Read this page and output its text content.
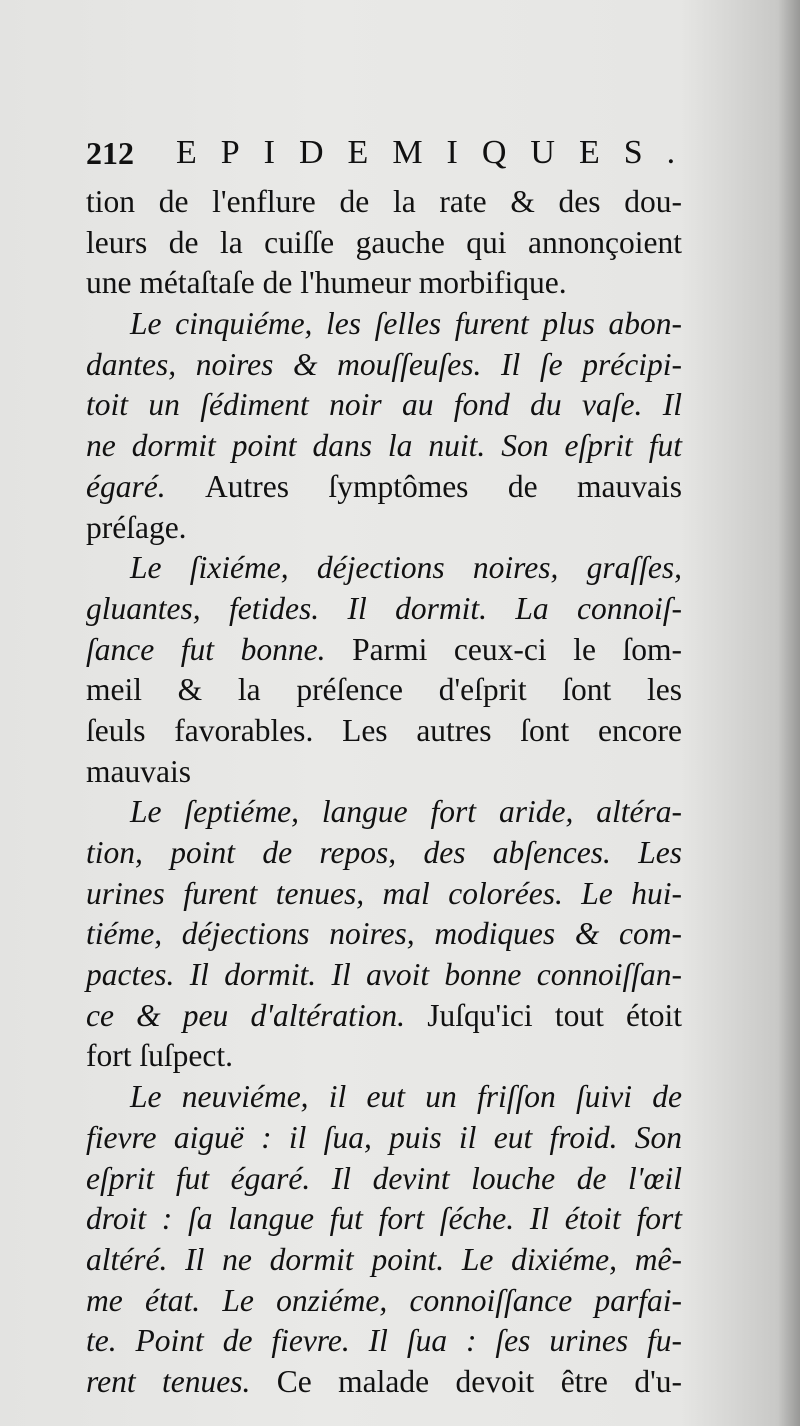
212 EPIDEMIQUES.
tion de l'enflure de la rate & des dou-
leurs de la cuiſſe gauche qui annonçoient
une métaſtaſe de l'humeur morbifique.
Le cinquiéme, les ſelles furent plus abon-
dantes, noires & mouſſeuſes. Il ſe précipi-
toit un ſédiment noir au fond du vaſe. Il
ne dormit point dans la nuit. Son eſprit fut
égaré. Autres ſymptômes de mauvais
préſage.
Le ſixiéme, déjections noires, graſſes,
gluantes, fetides. Il dormit. La connoiſ-
ſance fut bonne. Parmi ceux-ci le ſom-
meil & la préſence d'eſprit ſont les
ſeuls favorables. Les autres ſont encore
mauvais
Le ſeptiéme, langue fort aride, altéra-
tion, point de repos, des abſences. Les
urines furent tenues, mal colorées. Le hui-
tiéme, déjections noires, modiques & com-
pactes. Il dormit. Il avoit bonne connoiſſan-
ce & peu d'altération. Juſqu'ici tout étoit
fort ſuſpect.
Le neuviéme, il eut un friſſon ſuivi de
fievre aiguë : il ſua, puis il eut froid. Son
eſprit fut égaré. Il devint louche de l'œil
droit : ſa langue fut fort ſéche. Il étoit fort
altéré. Il ne dormit point. Le dixiéme, mê-
me état. Le onziéme, connoiſſance parfai-
te. Point de fievre. Il ſua : ſes urines fu-
rent tenues. Ce malade devoit être d'u-
